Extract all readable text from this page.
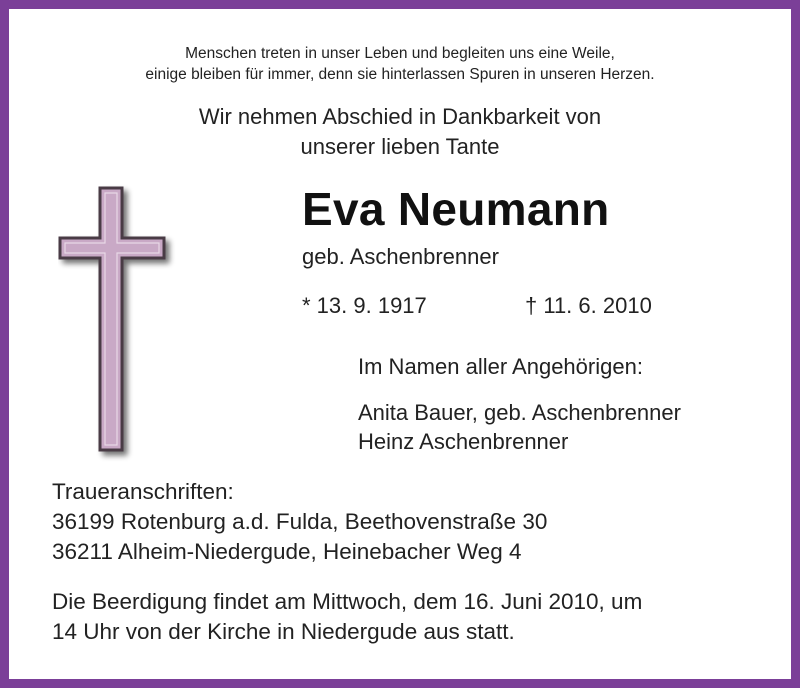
Menschen treten in unser Leben und begleiten uns eine Weile,
einige bleiben für immer, denn sie hinterlassen Spuren in unseren Herzen.
Wir nehmen Abschied in Dankbarkeit von
unserer lieben Tante
Eva Neumann
geb. Aschenbrenner
* 13. 9. 1917	† 11. 6. 2010
Im Namen aller Angehörigen:
Anita Bauer, geb. Aschenbrenner
Heinz Aschenbrenner
Traueranschriften:
36199 Rotenburg a.d. Fulda, Beethovenstraße 30
36211 Alheim-Niedergude, Heinebacher Weg 4
Die Beerdigung findet am Mittwoch, dem 16. Juni 2010, um
14 Uhr von der Kirche in Niedergude aus statt.
